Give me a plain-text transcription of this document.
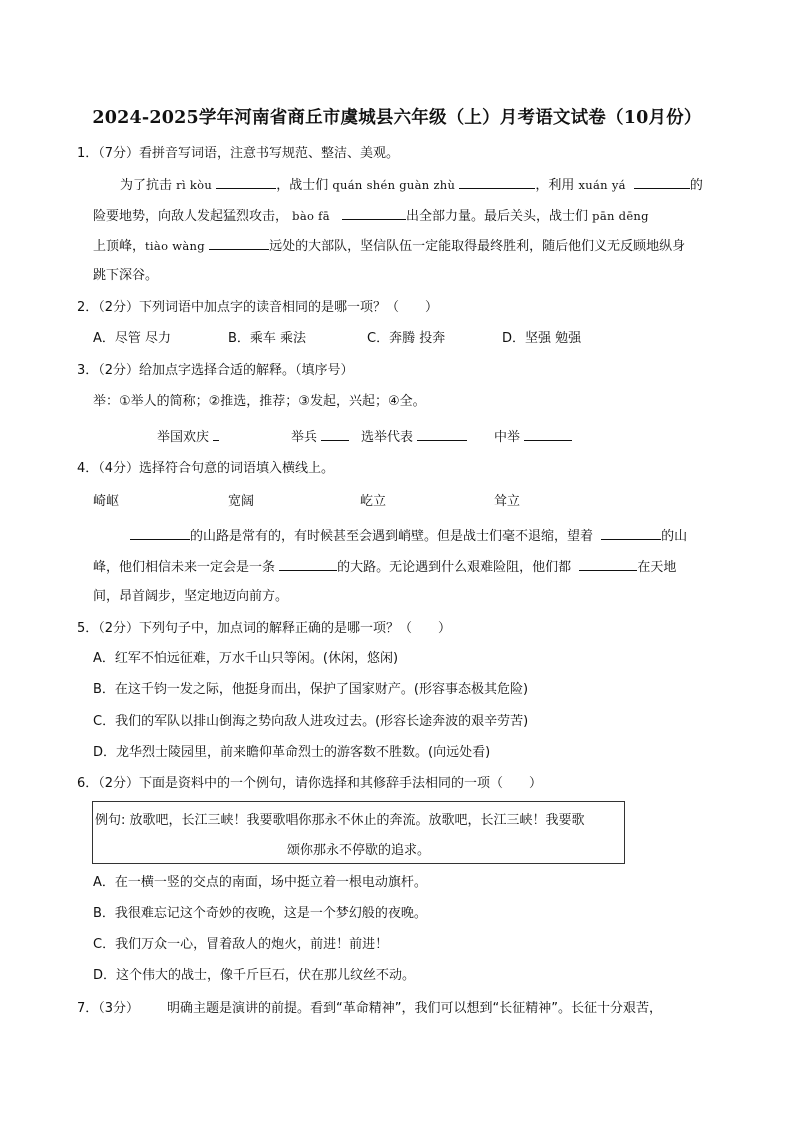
2024-2025学年河南省商丘市虞城县六年级（上）月考语文试卷（10月份）
1．（7分）看拼音写词语，注意书写规范、整洁、美观。
为了抗击 rì kòu	，战士们 quán shén guàn zhù	，利用 xuán yá	的
险要地势，向敌人发起猛烈攻击， bào fā	出全部力量。最后关头，战士们 pān dēng
上顶峰，tiào wàng	远处的大部队，坚信队伍一定能取得最终胜利，随后他们义无反顾地纵身
跳下深谷。
2．（2分）下列词语中加点字的读音相同的是哪一项？（　　）
A．尽管 尽力	B．乘车 乘法	C．奔腾 投奔	D．坚强 勉强
3．（2分）给加点字选择合适的解释。（填序号）
举：①举人的简称；②推选，推荐；③发起，兴起；④全。
举国欢庆	举兵	选举代表	中举
4．（4分）选择符合句意的词语填入横线上。
崎岖	宽阔	屹立	耸立
的山路是常有的，有时候甚至会遇到峭壁。但是战士们毫不退缩，望着	的山
峰，他们相信未来一定会是一条	的大路。无论遇到什么艰难险阻，他们都	在天地
间，昂首阔步，坚定地迈向前方。
5．（2分）下列句子中，加点词的解释正确的是哪一项？（　　）
A．红军不怕远征难，万水千山只等闲。(休闲，悠闲)
B．在这千钧一发之际，他挺身而出，保护了国家财产。(形容事态极其危险)
C．我们的军队以排山倒海之势向敌人进攻过去。(形容长途奔波的艰辛劳苦)
D．龙华烈士陵园里，前来瞻仰革命烈士的游客数不胜数。(向远处看)
6．（2分）下面是资料中的一个例句，请你选择和其修辞手法相同的一项（　　）
例句: 放歌吧，长江三峡！我要歌唱你那永不休止的奔流。放歌吧，长江三峡！我要歌
颂你那永不停歇的追求。
A．在一横一竖的交点的南面，场中挺立着一根电动旗杆。
B．我很难忘记这个奇妙的夜晚，这是一个梦幻般的夜晚。
C．我们万众一心，冒着敌人的炮火，前进！前进！
D．这个伟大的战士，像千斤巨石，伏在那儿纹丝不动。
7．（3分） 明确主题是演讲的前提。看到“革命精神”，我们可以想到“长征精神”。长征十分艰苦，
